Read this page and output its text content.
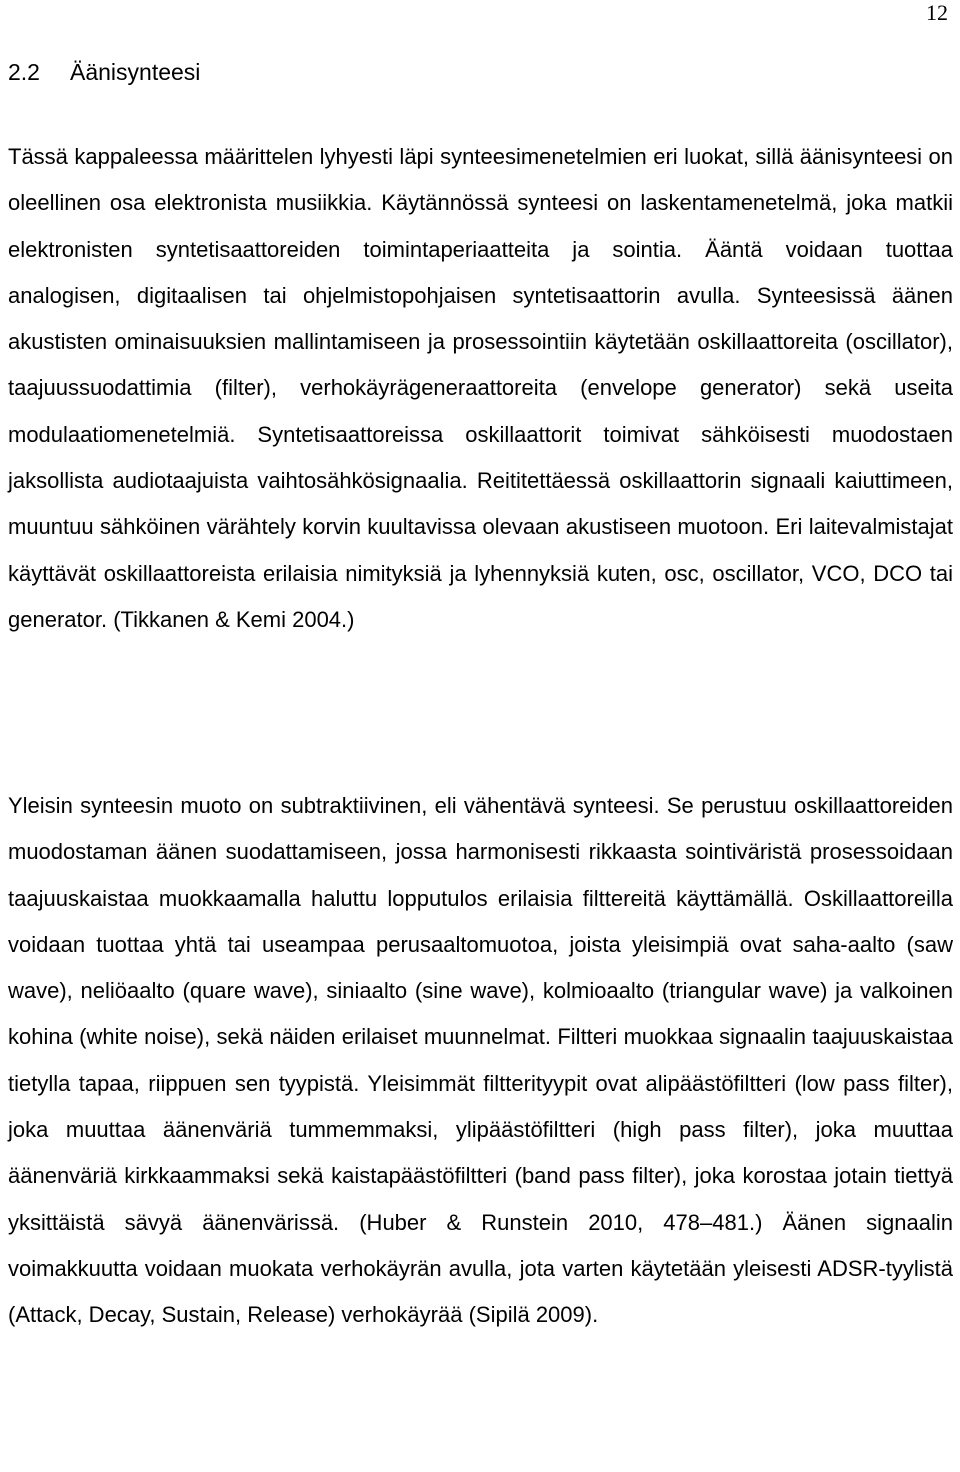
12
2.2 Äänisynteesi

Tässä kappaleessa määrittelen lyhyesti läpi synteesimenetelmien eri luokat, sillä äänisynteesi on oleellinen osa elektronista musiikkia. Käytännössä synteesi on laskentamenetelmä, joka matkii elektronisten syntetisaattoreiden toimintaperiaatteita ja sointia. Ääntä voidaan tuottaa analogisen, digitaalisen tai ohjelmistopohjaisen syntetisaattorin avulla. Synteesissä äänen akustisten ominaisuuksien mallintamiseen ja prosessointiin käytetään oskillaattoreita (oscillator), taajuussuodattimia (filter), verhokäyrägeneraattoreita (envelope generator) sekä useita modulaatiomenetelmiä. Syntetisaattoreissa oskillaattorit toimivat sähköisesti muodostaen jaksollista audiotaajuista vaihtosähkösignaalia. Reititettäessä oskillaattorin signaali kaiuttimeen, muuntuu sähköinen värähtely korvin kuultavissa olevaan akustiseen muotoon. Eri laitevalmistajat käyttävät oskillaattoreista erilaisia nimityksiä ja lyhennyksiä kuten, osc, oscillator, VCO, DCO tai generator. (Tikkanen & Kemi 2004.)

Yleisin synteesin muoto on subtraktiivinen, eli vähentävä synteesi. Se perustuu oskillaattoreiden muodostaman äänen suodattamiseen, jossa harmonisesti rikkaasta sointiväristä prosessoidaan taajuuskaistaa muokkaamalla haluttu lopputulos erilaisia filttereitä käyttämällä. Oskillaattoreilla voidaan tuottaa yhtä tai useampaa perusaaltomuotoa, joista yleisimpiä ovat saha-aalto (saw wave), neliöaalto (quare wave), siniaalto (sine wave), kolmioaalto (triangular wave) ja valkoinen kohina (white noise), sekä näiden erilaiset muunnelmat. Filtteri muokkaa signaalin taajuuskaistaa tietylla tapaa, riippuen sen tyypistä. Yleisimmät filtterityypit ovat alipäästöfiltteri (low pass filter), joka muuttaa äänenväriä tummemmaksi, ylipäästöfiltteri (high pass filter), joka muuttaa äänenväriä kirkkaammaksi sekä kaistapäästöfiltteri (band pass filter), joka korostaa jotain tiettyä yksittäistä sävyä äänenvärissä. (Huber & Runstein 2010, 478–481.) Äänen signaalin voimakkuutta voidaan muokata verhokäyrän avulla, jota varten käytetään yleisesti ADSR-tyylistä (Attack, Decay, Sustain, Release) verhokäyrää (Sipilä 2009).
